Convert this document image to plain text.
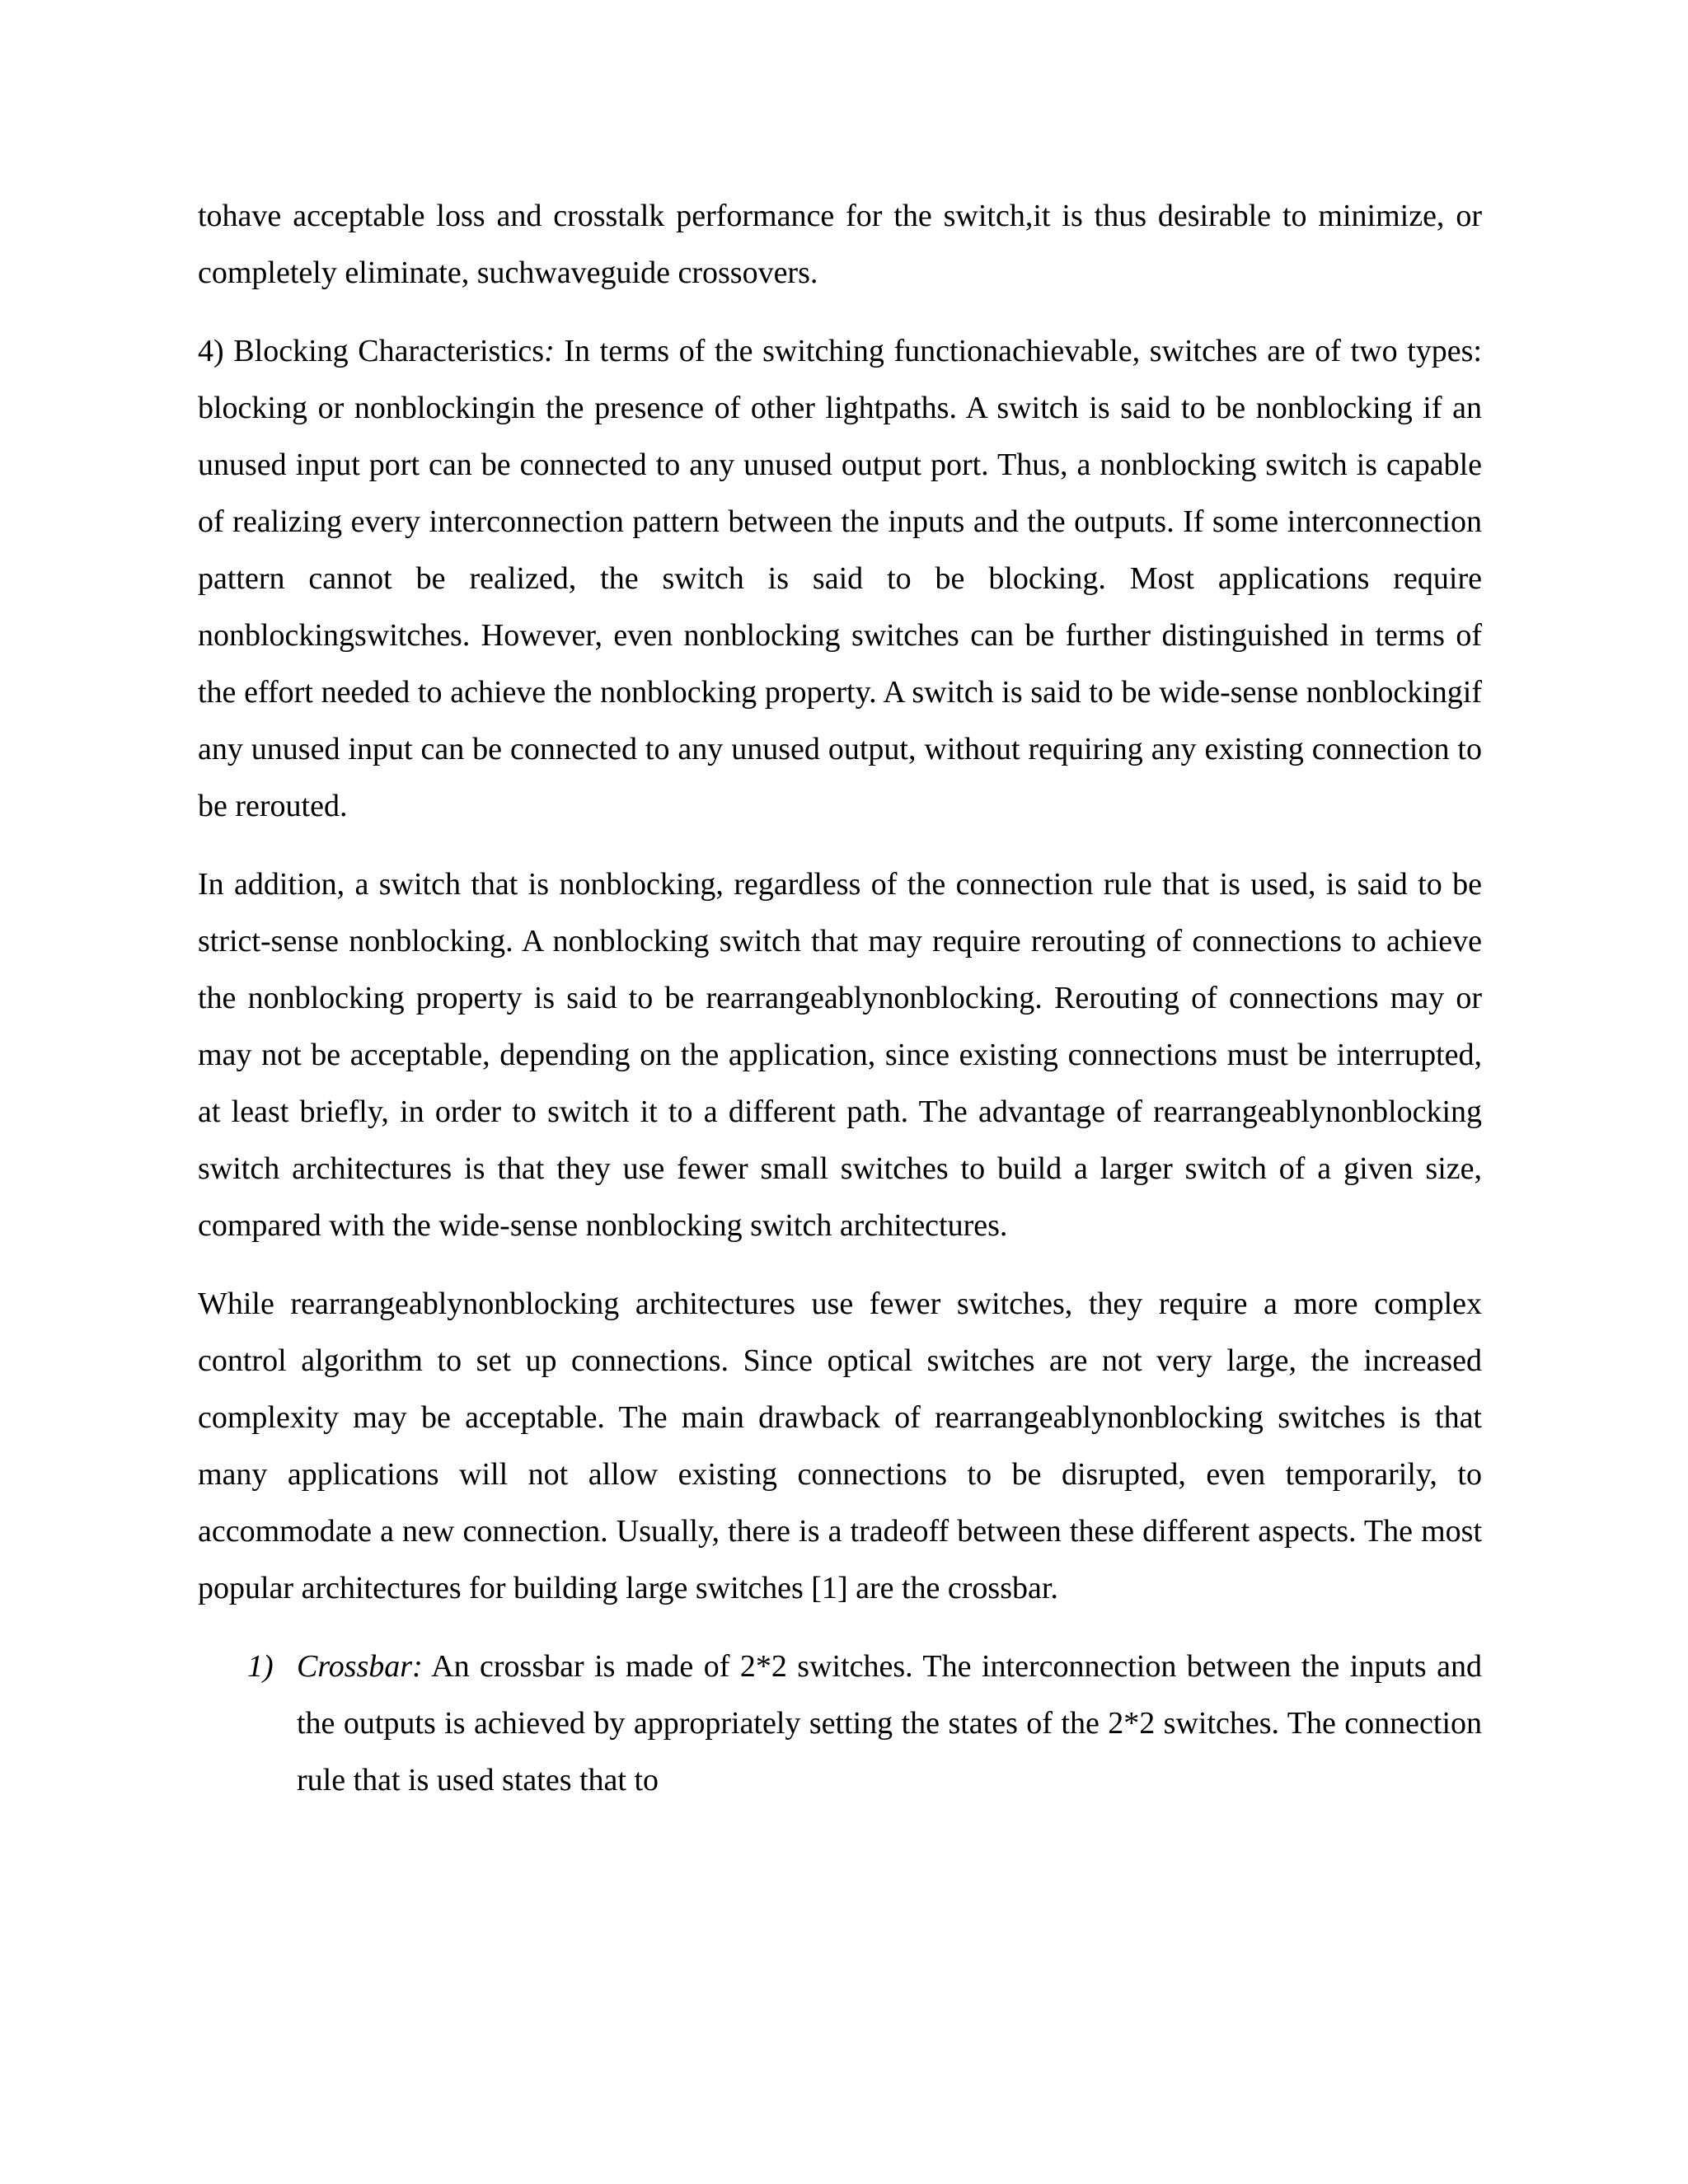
tohave acceptable loss and crosstalk performance for the switch,it is thus desirable to minimize, or completely eliminate, suchwaveguide crossovers.

4) Blocking Characteristics: In terms of the switching functionachievable, switches are of two types: blocking or nonblockingin the presence of other lightpaths. A switch is said to be nonblocking if an unused input port can be connected to any unused output port. Thus, a nonblocking switch is capable of realizing every interconnection pattern between the inputs and the outputs. If some interconnection pattern cannot be realized, the switch is said to be blocking. Most applications require nonblockingswitches. However, even nonblocking switches can be further distinguished in terms of the effort needed to achieve the nonblocking property. A switch is said to be wide-sense nonblockingif any unused input can be connected to any unused output, without requiring any existing connection to be rerouted.

In addition, a switch that is nonblocking, regardless of the connection rule that is used, is said to be strict-sense nonblocking. A nonblocking switch that may require rerouting of connections to achieve the nonblocking property is said to be rearrangeablynonblocking. Rerouting of connections may or may not be acceptable, depending on the application, since existing connections must be interrupted, at least briefly, in order to switch it to a different path. The advantage of rearrangeablynonblocking switch architectures is that they use fewer small switches to build a larger switch of a given size, compared with the wide-sense nonblocking switch architectures.

While rearrangeablynonblocking architectures use fewer switches, they require a more complex control algorithm to set up connections. Since optical switches are not very large, the increased complexity may be acceptable. The main drawback of rearrangeablynonblocking switches is that many applications will not allow existing connections to be disrupted, even temporarily, to accommodate a new connection. Usually, there is a tradeoff between these different aspects. The most popular architectures for building large switches [1] are the crossbar.

1) Crossbar: An crossbar is made of 2*2 switches. The interconnection between the inputs and the outputs is achieved by appropriately setting the states of the 2*2 switches. The connection rule that is used states that to
